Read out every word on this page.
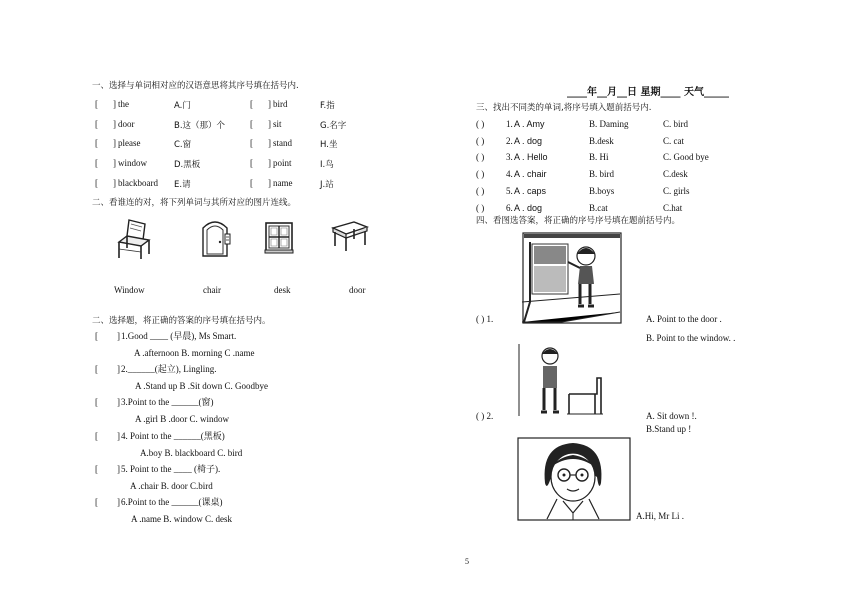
一、选择与单词相对应的汉语意思将其序号填在括号内.
[ ] the	A.门	[ ] bird	F.指
[ ] door	B.这（那）个	[ ] sit	G.名字
[ ] please	C.窗	[ ] stand	H.坐
[ ] window	D.黑板	[ ] point	I.鸟
[ ] blackboard E.请	[ ] name	J.站
二、看谁连的对，将下列单词与其所对应的图片连线。
Window	chair	desk	door
二、选择题，将正确的答案的序号填在括号内。
[ ] 1.Good ____ (早晨), Ms Smart.
A .afternoon B. morning C .name
[ ] 2.______(起立), Lingling.
A .Stand up B .Sit down C. Goodbye
[ ] 3.Point to the ______(窗)
A .girl B .door C. window
[ ] 4. Point to the ______(黑板)
A.boy B. blackboard C. bird
[ ] 5. Point to the ____ (椅子).
A .chair B. door C.bird
[ ] 6.Point to the ______(课桌)
A .name B. window C. desk
____年__月__日 星期____ 天气_____
三、找出不同类的单词,将序号填入题前括号内.
( ) 1. A . Amy	B. Daming	C. bird
( ) 2. A . dog	B.desk	C. cat
( ) 3. A . Hello	B. Hi	C. Good bye
( ) 4. A . chair	B. bird	C.desk
( ) 5. A . caps	B.boys	C. girls
( ) 6. A . dog	B.cat	C.hat
四、看图选答案，将正确的序号序号填在题前括号内。
( ) 1.	A. Point to the door .
B. Point to the window. .
( ) 2.	A. Sit down !.
B.Stand up !
A.Hi, Mr Li .
5
